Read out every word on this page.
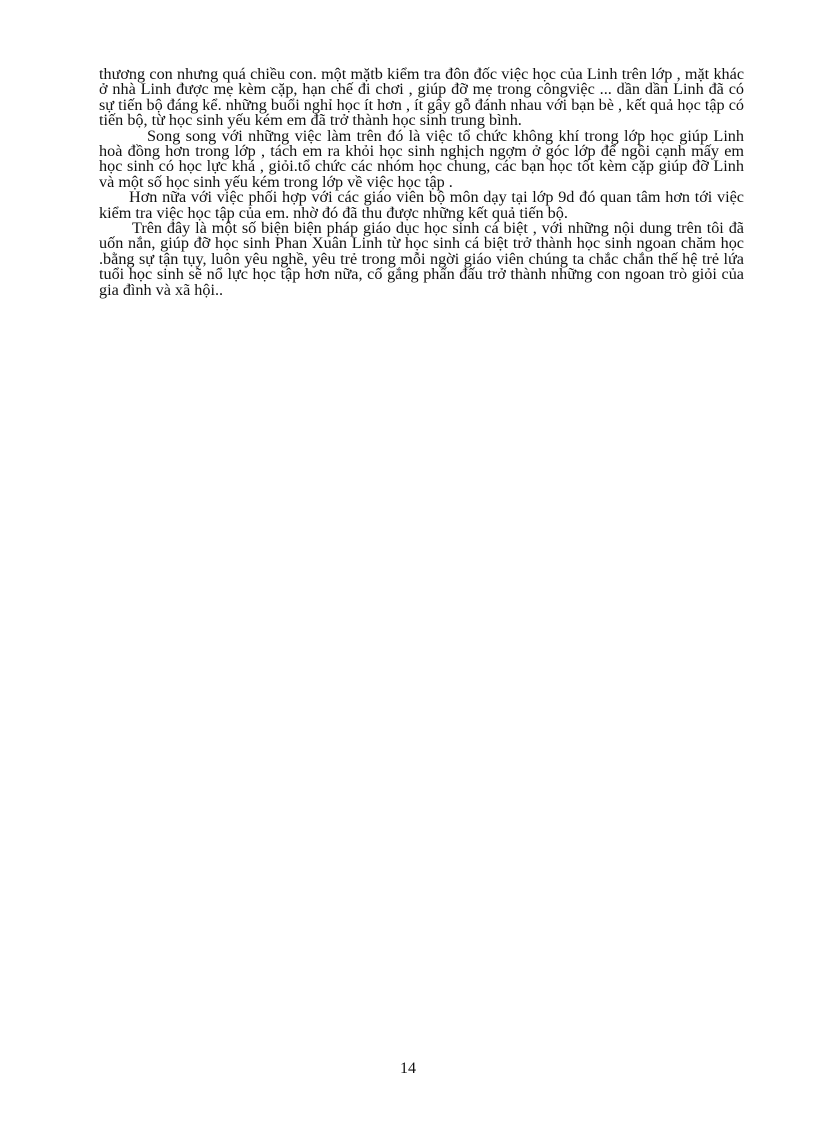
thương con nhưng quá chiều con. một mặtb kiểm tra đôn đốc việc học của Linh trên lớp , mặt khác ở nhà Linh được mẹ kèm cặp, hạn chế đi chơi , giúp đỡ mẹ trong côngviệc ... dần dần Linh đã có sự tiến bộ đáng kể. những buổi nghỉ học ít hơn , ít gây gỗ đánh nhau với bạn bè , kết quả học tập có tiến bộ, từ học sinh yếu kém em đã trở thành học sinh trung bình.

Song song với những việc làm trên đó là việc tổ chức không khí trong lớp học giúp Linh hoà đồng hơn trong lớp , tách em ra khỏi học sinh nghịch ngợm ở góc lớp để ngồi cạnh mấy em học sinh có học lực khá , giỏi.tổ chức các nhóm học chung, các bạn học tốt kèm cặp giúp đỡ Linh và một số học sinh yếu kém trong lớp về việc học tập .

Hơn nữa với việc phối hợp với các giáo viên bộ môn dạy tại lớp 9d đó quan tâm hơn tới việc kiểm tra việc học tập của em. nhờ đó đã thu được những kết quả tiến bộ.

Trên đây là một số biện biện pháp giáo dục học sinh cá biệt , với những nội dung trên tôi đã uốn nắn, giúp đỡ học sinh Phan Xuân Linh từ học sinh cá biệt trở thành học sinh ngoan chăm học .bằng sự tận tụy, luôn yêu nghề, yêu trẻ trong mỗi ngời giáo viên chúng ta chắc chắn thế hệ trẻ lứa tuổi học sinh sẽ nổ lực học tập hơn nữa, cố gắng phấn đấu trở thành những con ngoan trò giỏi của gia đình và xã hội..

14
